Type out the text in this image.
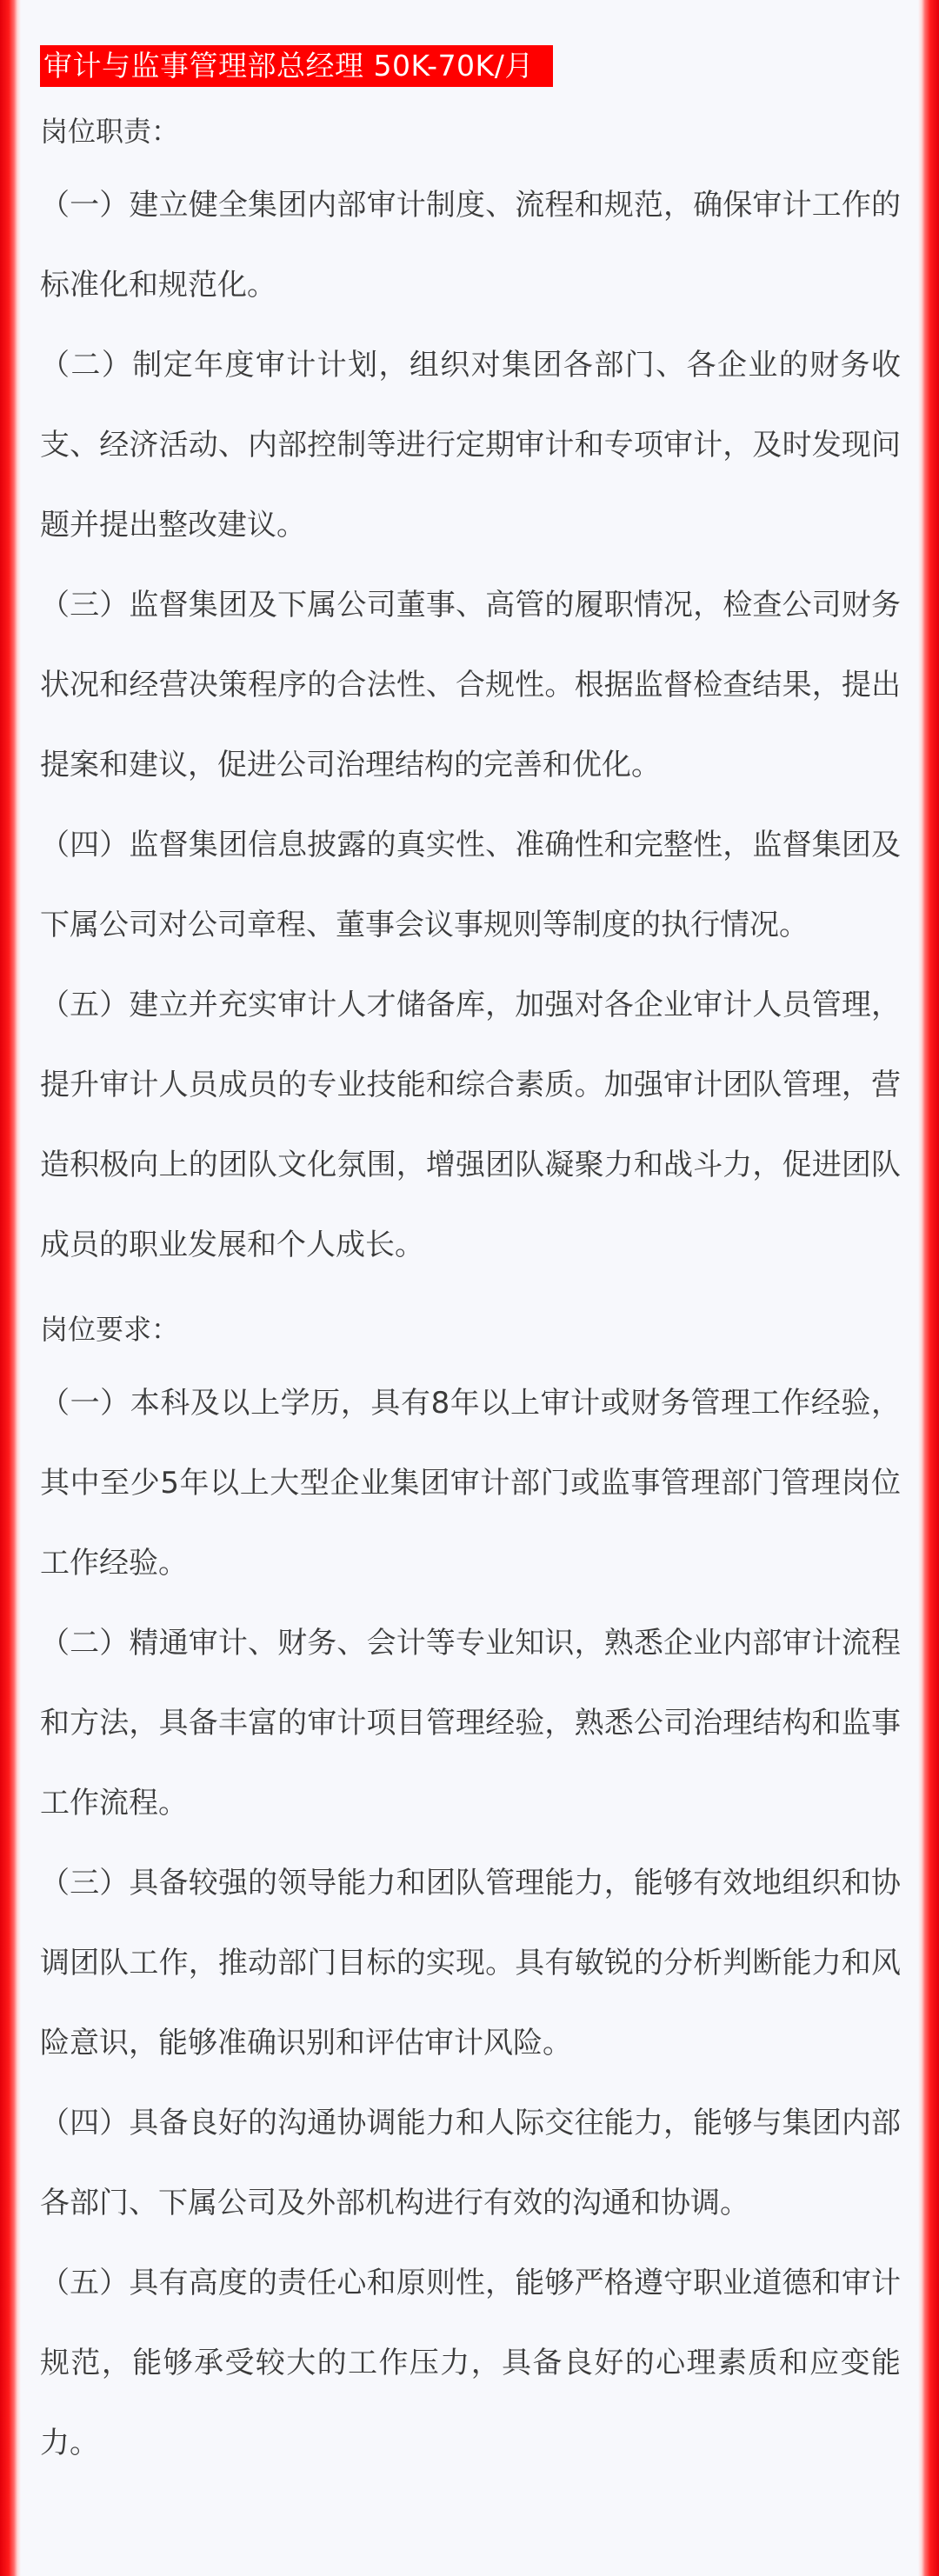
审计与监事管理部总经理 50K-70K/月
岗位职责：

（一）建立健全集团内部审计制度、流程和规范，确保审计工作的标准化和规范化。

（二）制定年度审计计划，组织对集团各部门、各企业的财务收支、经济活动、内部控制等进行定期审计和专项审计，及时发现问题并提出整改建议。

（三）监督集团及下属公司董事、高管的履职情况，检查公司财务状况和经营决策程序的合法性、合规性。根据监督检查结果，提出提案和建议，促进公司治理结构的完善和优化。

（四）监督集团信息披露的真实性、准确性和完整性，监督集团及下属公司对公司章程、董事会议事规则等制度的执行情况。

（五）建立并充实审计人才储备库，加强对各企业审计人员管理，提升审计人员成员的专业技能和综合素质。加强审计团队管理，营造积极向上的团队文化氛围，增强团队凝聚力和战斗力，促进团队成员的职业发展和个人成长。

岗位要求：

（一）本科及以上学历，具有8年以上审计或财务管理工作经验，其中至少5年以上大型企业集团审计部门或监事管理部门管理岗位工作经验。

（二）精通审计、财务、会计等专业知识，熟悉企业内部审计流程和方法，具备丰富的审计项目管理经验，熟悉公司治理结构和监事工作流程。

（三）具备较强的领导能力和团队管理能力，能够有效地组织和协调团队工作，推动部门目标的实现。具有敏锐的分析判断能力和风险意识，能够准确识别和评估审计风险。

（四）具备良好的沟通协调能力和人际交往能力，能够与集团内部各部门、下属公司及外部机构进行有效的沟通和协调。

（五）具有高度的责任心和原则性，能够严格遵守职业道德和审计规范，能够承受较大的工作压力，具备良好的心理素质和应变能力。
